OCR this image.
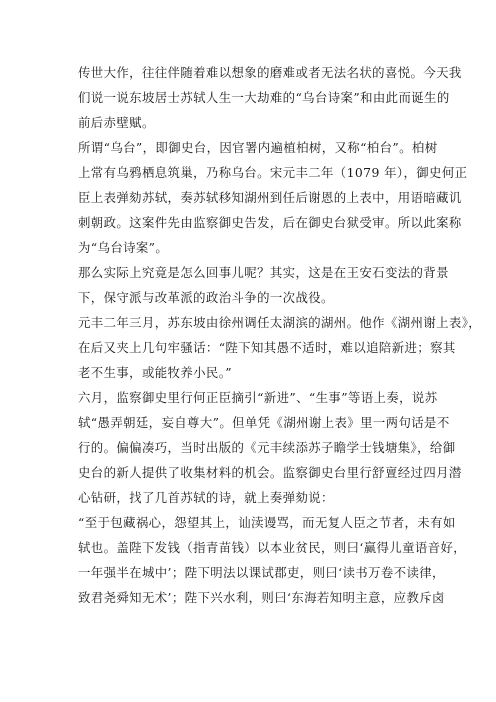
传世大作，往往伴随着难以想象的磨难或者无法名状的喜悦。今天我
们说一说东坡居士苏轼人生一大劫难的“乌台诗案”和由此而诞生的
前后赤壁赋。
所谓“乌台”，即御史台，因官署内遍植柏树，又称“柏台”。柏树
上常有乌鸦栖息筑巢，乃称乌台。宋元丰二年（1079 年），御史何正
臣上表弹劾苏轼，奏苏轼移知湖州到任后谢恩的上表中，用语暗藏讥
刺朝政。这案件先由监察御史告发，后在御史台狱受审。所以此案称
为“乌台诗案”。
那么实际上究竟是怎么回事儿呢？其实，这是在王安石变法的背景
下，保守派与改革派的政治斗争的一次战役。
元丰二年三月，苏东坡由徐州调任太湖滨的湖州。他作《湖州谢上表》，
在后又夹上几句牢骚话：“陛下知其愚不适时，难以追陪新进；察其
老不生事，或能牧养小民。”
六月，监察御史里行何正臣摘引“新进”、“生事”等语上奏，说苏
轼“愚弄朝廷，妄自尊大”。但单凭《湖州谢上表》里一两句话是不
行的。偏偏凑巧，当时出版的《元丰续添苏子瞻学士钱塘集》，给御
史台的新人提供了收集材料的机会。监察御史台里行舒亶经过四月潜
心钻研，找了几首苏轼的诗，就上奏弹劾说：
“至于包藏祸心，怨望其上，讪渎谩骂，而无复人臣之节者，未有如
轼也。盖陛下发钱（指青苗钱）以本业贫民，则曰‘赢得儿童语音好，
一年强半在城中’；陛下明法以课试郡吏，则曰‘读书万卷不读律，
致君尧舜知无术’；陛下兴水利，则曰‘东海若知明主意，应教斥卤
